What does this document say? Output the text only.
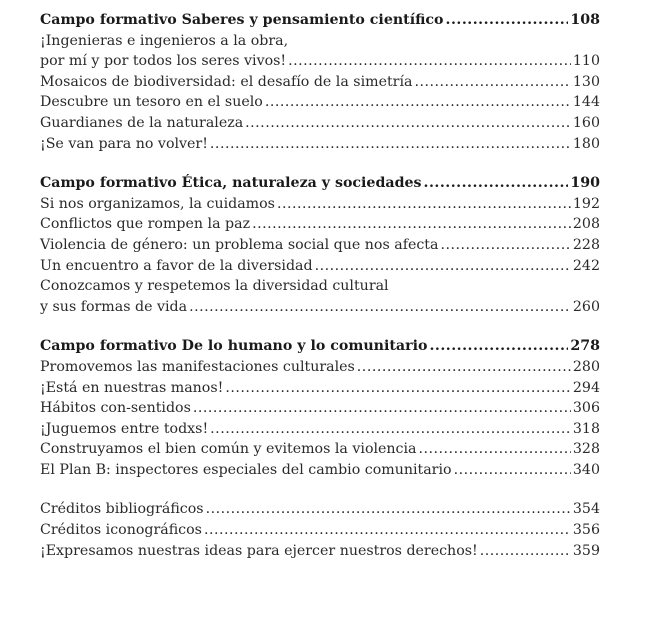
Campo formativo Saberes y pensamiento científico .....	108
¡Ingenieras e ingenieros a la obra,
por mí y por todos los seres vivos! .....	110
Mosaicos de biodiversidad: el desafío de la simetría .....	130
Descubre un tesoro en el suelo .....	144
Guardianes de la naturaleza .....	160
¡Se van para no volver! .....	180
Campo formativo Ética, naturaleza y sociedades .....	190
Si nos organizamos, la cuidamos .....	192
Conflictos que rompen la paz .....	208
Violencia de género: un problema social que nos afecta .....	228
Un encuentro a favor de la diversidad .....	242
Conozcamos y respetemos la diversidad cultural
y sus formas de vida .....	260
Campo formativo De lo humano y lo comunitario .....	278
Promovemos las manifestaciones culturales .....	280
¡Está en nuestras manos! .....	294
Hábitos con-sentidos .....	306
¡Juguemos entre todxs! .....	318
Construyamos el bien común y evitemos la violencia .....	328
El Plan B: inspectores especiales del cambio comunitario .....	340
Créditos bibliográficos .....	354
Créditos iconográficos .....	356
¡Expresamos nuestras ideas para ejercer nuestros derechos! .....	359
